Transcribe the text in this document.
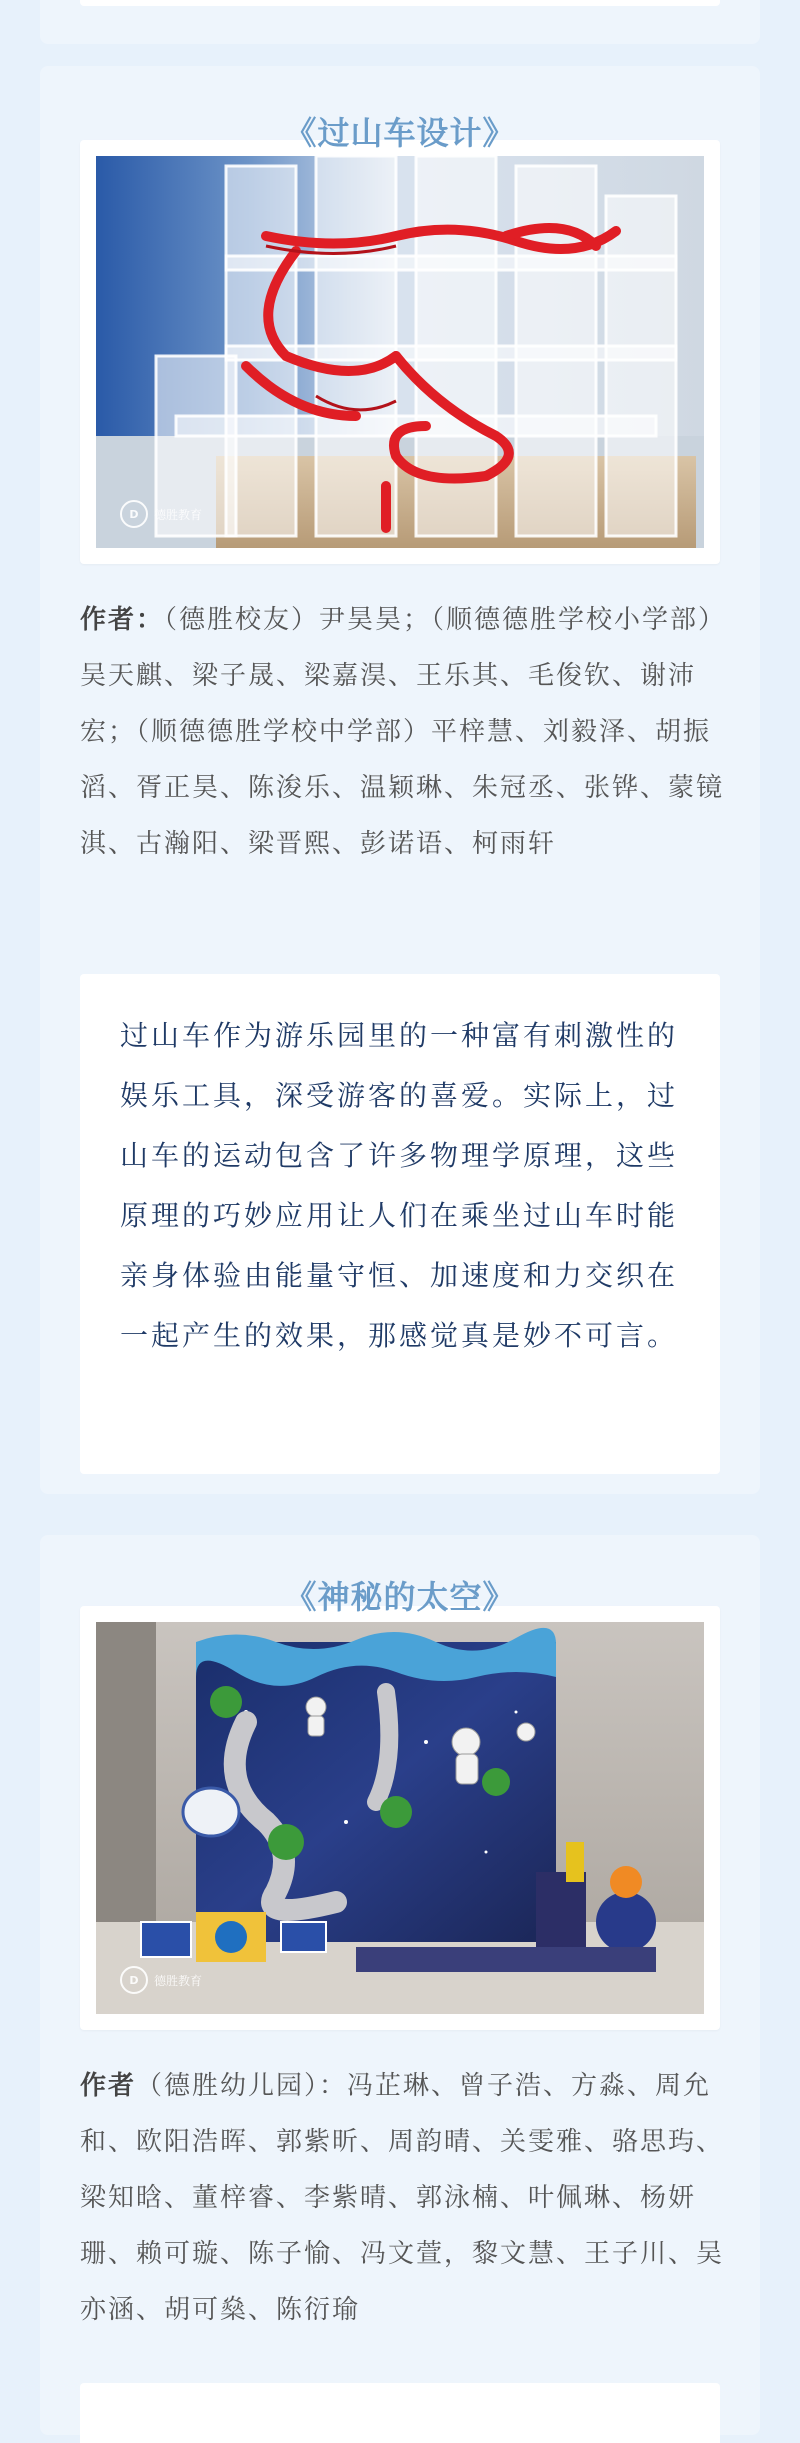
《过山车设计》
D	德胜教育
作者：（德胜校友）尹昊昊；（顺德德胜学校小学部）吴天麒、梁子晟、梁嘉淏、王乐其、毛俊钦、谢沛宏；（顺德德胜学校中学部）平梓慧、刘毅泽、胡振滔、胥正昊、陈浚乐、温颖琳、朱冠丞、张铧、蒙镜淇、古瀚阳、梁晋熙、彭诺语、柯雨轩
过山车作为游乐园里的一种富有刺激性的娱乐工具，深受游客的喜爱。实际上，过山车的运动包含了许多物理学原理，这些原理的巧妙应用让人们在乘坐过山车时能亲身体验由能量守恒、加速度和力交织在一起产生的效果，那感觉真是妙不可言。
《神秘的太空》
D	德胜教育
作者（德胜幼儿园）：冯芷琳、曾子浩、方淼、周允和、欧阳浩晖、郭紫昕、周韵晴、关雯雅、骆思玙、梁知晗、董梓睿、李紫晴、郭泳楠、叶佩琳、杨妍珊、赖可璇、陈子愉、冯文萱，黎文慧、王子川、吴亦涵、胡可燊、陈衍瑜
